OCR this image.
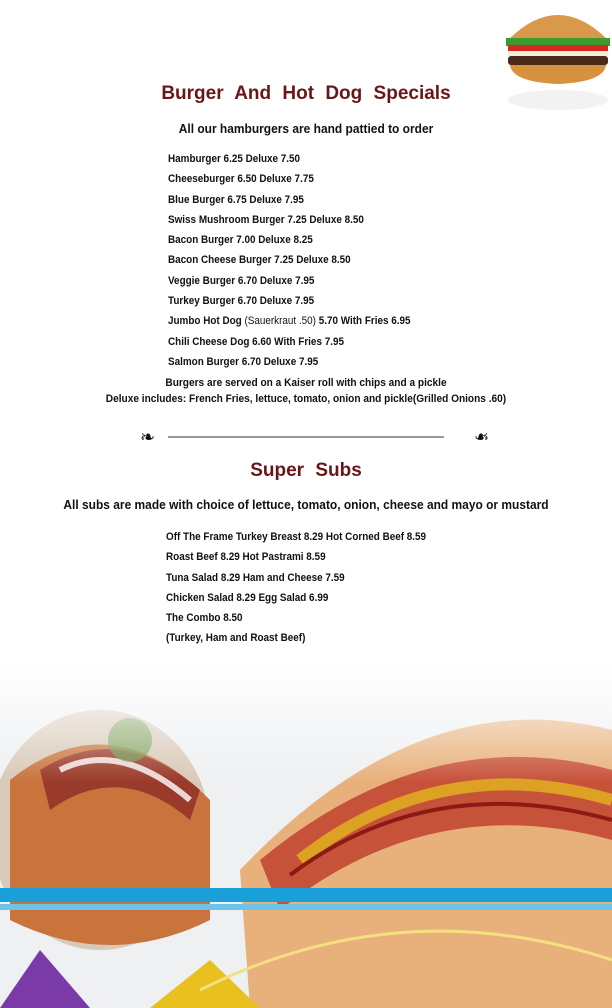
Burger And Hot Dog Specials
All our hamburgers are hand pattied to order
Hamburger 6.25 Deluxe 7.50
Cheeseburger 6.50 Deluxe 7.75
Blue Burger 6.75 Deluxe 7.95
Swiss Mushroom Burger 7.25 Deluxe 8.50
Bacon Burger 7.00 Deluxe 8.25
Bacon Cheese Burger 7.25 Deluxe 8.50
Veggie Burger 6.70 Deluxe 7.95
Turkey Burger 6.70 Deluxe 7.95
Jumbo Hot Dog (Sauerkraut .50) 5.70 With Fries 6.95
Chili Cheese Dog 6.60 With Fries 7.95
Salmon Burger 6.70 Deluxe 7.95
Burgers are served on a Kaiser roll with chips and a pickle
Deluxe includes: French Fries, lettuce, tomato, onion and pickle(Grilled Onions .60)
❧	❧
Super Subs
All subs are made with choice of lettuce, tomato, onion, cheese and mayo or mustard
Off The Frame Turkey Breast 8.29 Hot Corned Beef 8.59
Roast Beef 8.29 Hot Pastrami 8.59
Tuna Salad 8.29 Ham and Cheese 7.59
Chicken Salad 8.29 Egg Salad 6.99
The Combo 8.50
(Turkey, Ham and Roast Beef)
